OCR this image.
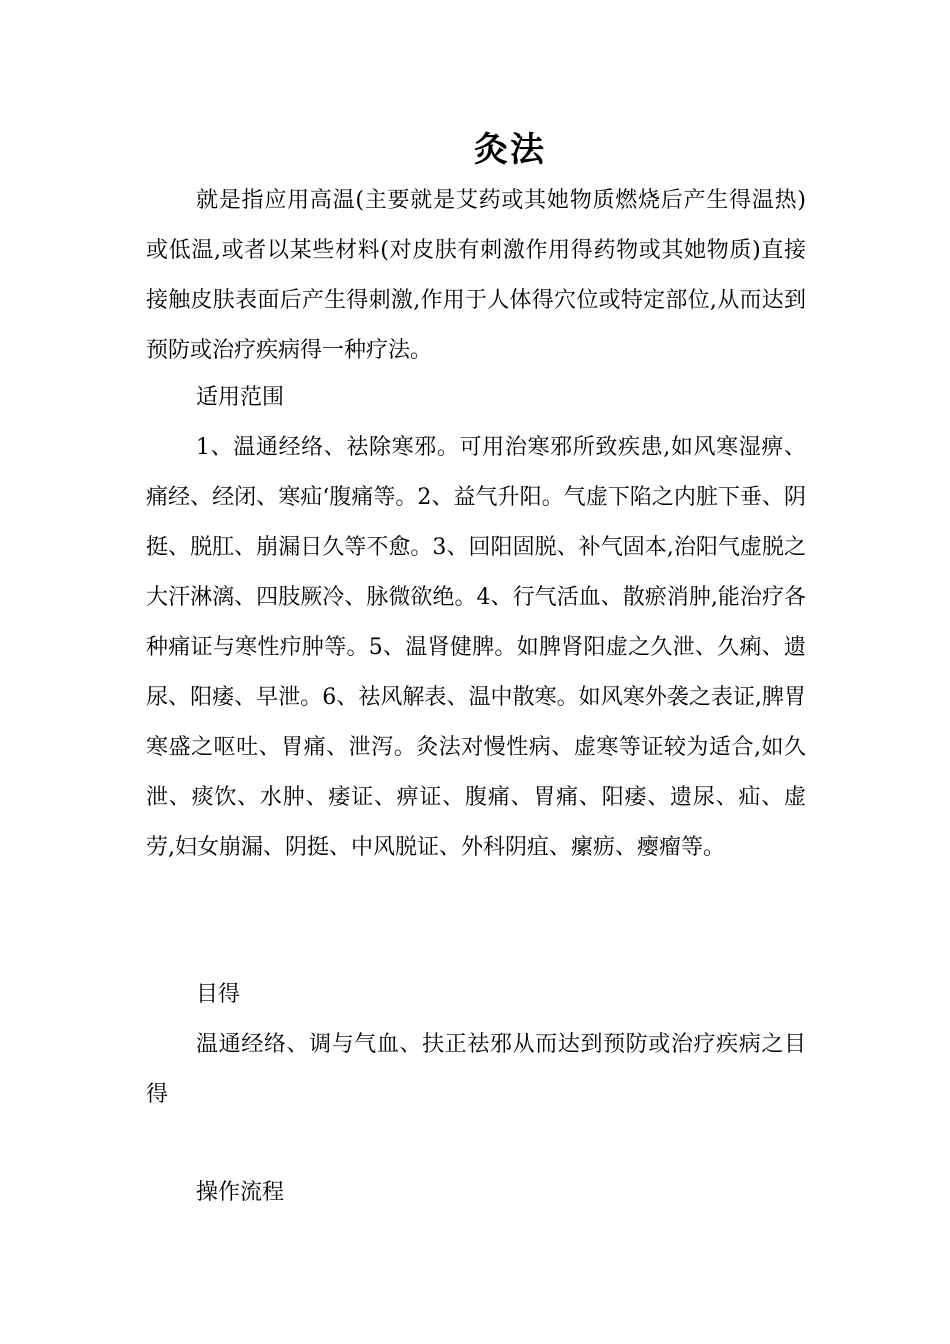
灸法

就是指应用高温(主要就是艾药或其她物质燃烧后产生得温热)或低温,或者以某些材料(对皮肤有刺激作用得药物或其她物质)直接接触皮肤表面后产生得刺激,作用于人体得穴位或特定部位,从而达到预防或治疗疾病得一种疗法。

适用范围

1、温通经络、祛除寒邪。可用治寒邪所致疾患,如风寒湿痹、痛经、经闭、寒疝‘腹痛等。2、益气升阳。气虚下陷之内脏下垂、阴挺、脱肛、崩漏日久等不愈。3、回阳固脱、补气固本,治阳气虚脱之大汗淋漓、四肢厥冷、脉微欲绝。4、行气活血、散瘀消肿,能治疗各种痛证与寒性疖肿等。5、温肾健脾。如脾肾阳虚之久泄、久痢、遗尿、阳痿、早泄。6、祛风解表、温中散寒。如风寒外袭之表证,脾胃寒盛之呕吐、胃痛、泄泻。灸法对慢性病、虚寒等证较为适合,如久泄、痰饮、水肿、痿证、痹证、腹痛、胃痛、阳痿、遗尿、疝、虚劳,妇女崩漏、阴挺、中风脱证、外科阴疽、瘰疬、瘿瘤等。

目得

温通经络、调与气血、扶正祛邪从而达到预防或治疗疾病之目得

操作流程
